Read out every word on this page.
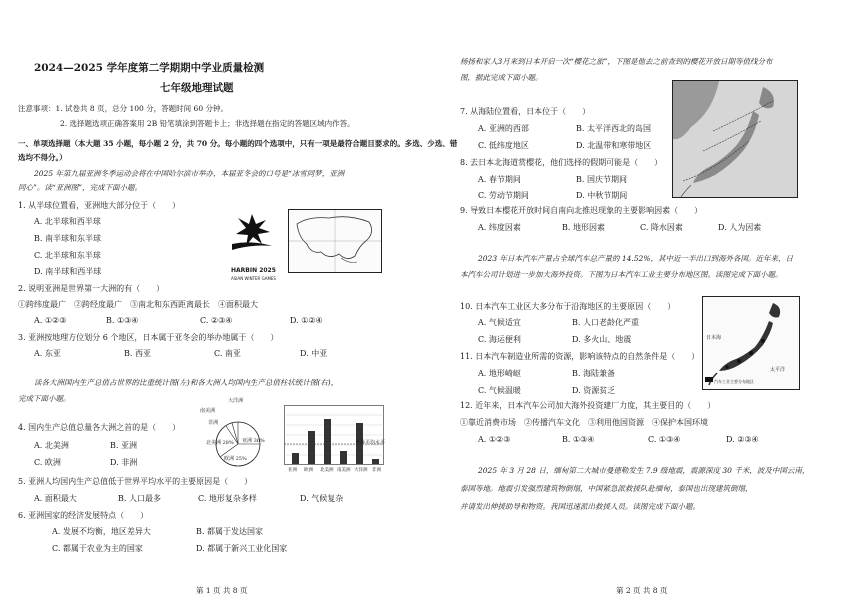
2024—2025 学年度第二学期期中学业质量检测
七年级地理试题
注意事项：1. 试卷共 8 页，总分 100 分，答题时间 60 分钟。
2. 选择题选项正确答案用 2B 铅笔填涂到答题卡上；非选择题在指定的答题区域内作答。
一、单项选择题（本大题 35 小题，每小题 2 分，共 70 分。每小题的四个选项中，只有一项是最符合题目要求的。多选、少选、错
选均不得分。）
2025 年第九届亚洲冬季运动会将在中国哈尔滨市举办，本届亚冬会的口号是“冰雪同梦，亚洲
同心”。读“亚洲图”，完成下面小题。
1. 从半球位置看，亚洲地大部分位于（　　）
A. 北半球和西半球
B. 南半球和东半球
C. 北半球和东半球
D. 南半球和西半球	HARBIN 2025
ASIAN WINTER GAMES
2. 说明亚洲是世界第一大洲的有（　　）
①跨纬度最广　②跨经度最广　③南北和东西距离最长　④面积最大
A. ①②③	B. ①③④	C. ②③④	D. ①②④
3. 亚洲按地理方位划分 6 个地区，日本属于亚冬会的举办地属于（　　）
A. 东亚	B. 西亚	C. 南亚	D. 中亚
读各大洲国内生产总值占世界的比重统计图(左)和各大洲人均国内生产总值柱状统计图(右)，
完成下面小题。	大洋洲
南美洲
非洲
北美洲 28% 亚洲 36%
欧洲 25%
世界平均水平
亚洲 欧洲 北美洲 南美洲 大洋洲 非洲
4. 国内生产总值总量各大洲之首的是（　　）
A. 北美洲	B. 亚洲
C. 欧洲	D. 非洲
5. 亚洲人均国内生产总值低于世界平均水平的主要原因是（　　）
A. 面积最大	B. 人口最多	C. 地形复杂多样	D. 气候复杂
6. 亚洲国家的经济发展特点（　　）
A. 发展不均衡，地区差异大	B. 都属于发达国家
C. 都属于农业为主的国家	D. 都属于新兴工业化国家
第 1 页 共 8 页
杨扬和家人3月来到日本开启一次“樱花之旅”，下图是他去之前查到的樱花开放日期等值线分布
图，据此完成下面小题。
7. 从海陆位置看，日本位于（　　）
A. 亚洲的西部	B. 太平洋西北的岛国
C. 低纬度地区	D. 北温带和寒带地区
8. 去日本北海道赏樱花，他们选择的假期可能是（　　）
A. 春节期间	B. 国庆节期间
C. 劳动节期间	D. 中秋节期间
9. 导致日本樱花开放时间自南向北推迟现象的主要影响因素（　　）
A. 纬度因素	B. 地形因素	C. 降水因素	D. 人为因素
2023 年日本汽车产量占全球汽车总产量的 14.52%，其中近一半出口到海外各国。近年来，日
本汽车公司计划进一步加大海外投资。下图为日本汽车工业主要分布地区图。读图完成下面小题。
日本海
太平洋
汽车工业主要分布地区
10. 日本汽车工业区大多分布于沿海地区的主要原因（　　）
A. 气候适宜	B. 人口老龄化严重
C. 海运便利	D. 多火山、地震
11. 日本汽车制造业所需的资源，影响该特点的自然条件是（　　）
A. 地形崎岖	B. 海陆兼备
C. 气候温暖	D. 资源贫乏
12. 近年来，日本汽车公司加大海外投资建厂力度，其主要目的（　　）
①靠近消费市场　②传播汽车文化　③利用他国资源　④保护本国环境
A. ①②③	B. ①③④	C. ①③④	D. ②③④
2025 年 3 月 28 日，缅甸第二大城市曼德勒发生 7.9 级地震，震源深度 30 千米，波及中国云南，
泰国等地。地震引发强烈建筑物倒塌，中国紧急派救援队赴缅甸，泰国也出现建筑倒塌，
并请发出伸援助导和物资。我国迅速派出救援人员。读图完成下面小题。
第 2 页 共 8 页
